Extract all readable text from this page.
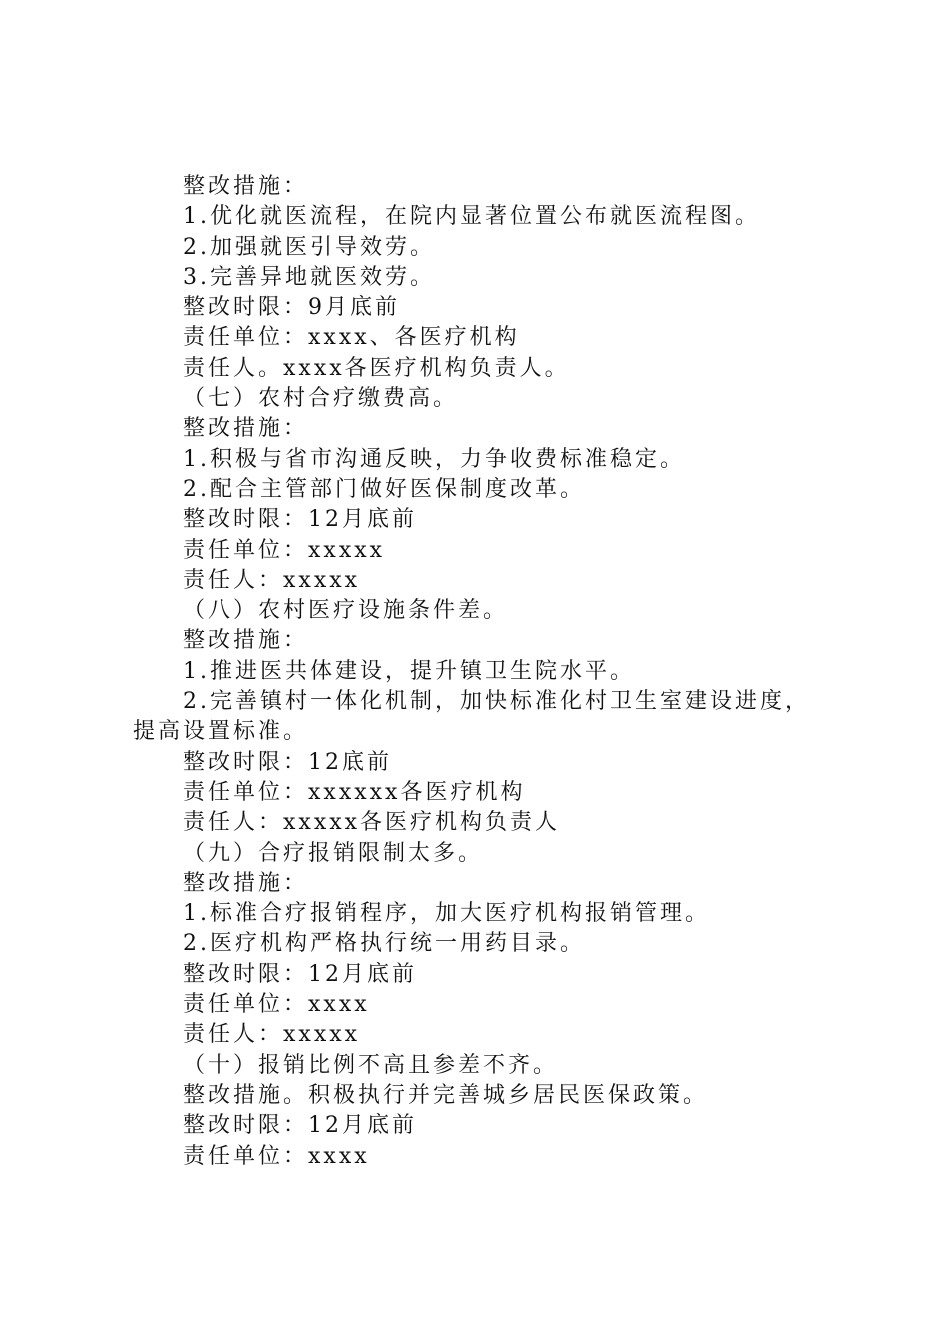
整改措施：
1.优化就医流程，在院内显著位置公布就医流程图。
2.加强就医引导效劳。
3.完善异地就医效劳。
整改时限：9月底前
责任单位：xxxx、各医疗机构
责任人。xxxx各医疗机构负责人。
（七）农村合疗缴费高。
整改措施：
1.积极与省市沟通反映，力争收费标准稳定。
2.配合主管部门做好医保制度改革。
整改时限：12月底前
责任单位：xxxxx
责任人：xxxxx
（八）农村医疗设施条件差。
整改措施：
1.推进医共体建设，提升镇卫生院水平。
2.完善镇村一体化机制，加快标准化村卫生室建设进度，
提高设置标准。
整改时限：12底前
责任单位：xxxxxx各医疗机构
责任人：xxxxx各医疗机构负责人
（九）合疗报销限制太多。
整改措施：
1.标准合疗报销程序，加大医疗机构报销管理。
2.医疗机构严格执行统一用药目录。
整改时限：12月底前
责任单位：xxxx
责任人：xxxxx
（十）报销比例不高且参差不齐。
整改措施。积极执行并完善城乡居民医保政策。
整改时限：12月底前
责任单位：xxxx
